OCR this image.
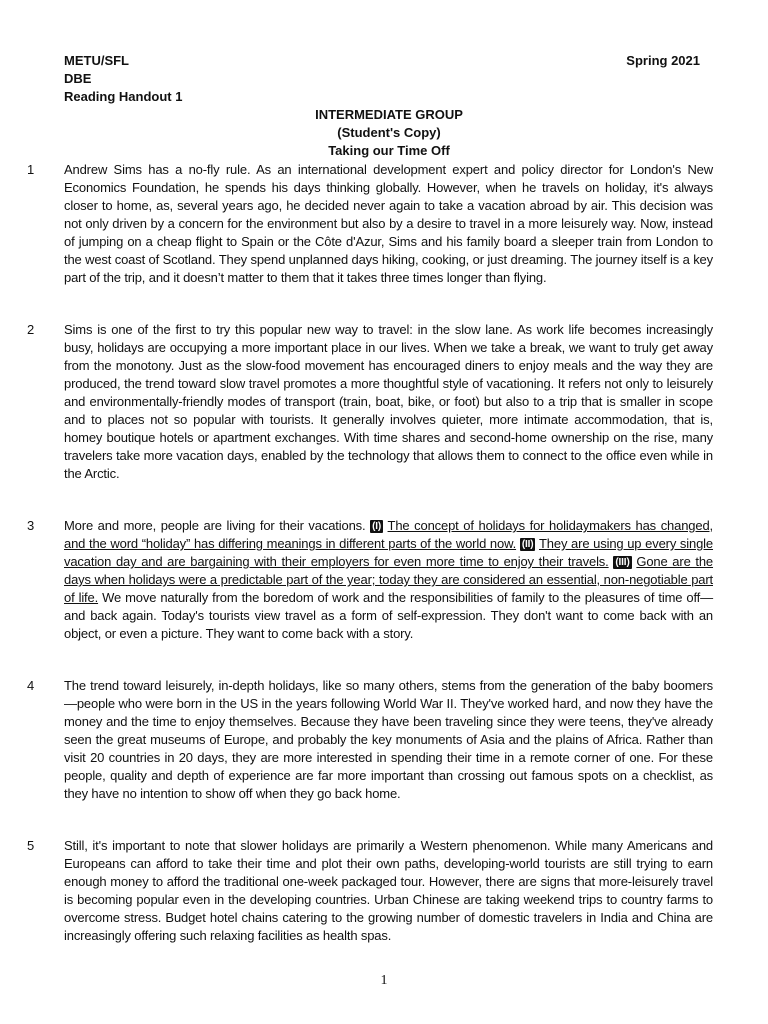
METU/SFL
DBE
Reading Handout 1
Spring 2021
INTERMEDIATE GROUP
(Student's Copy)
Taking our Time Off
1	Andrew Sims has a no-fly rule. As an international development expert and policy director for London's New Economics Foundation, he spends his days thinking globally. However, when he travels on holiday, it's always closer to home, as, several years ago, he decided never again to take a vacation abroad by air. This decision was not only driven by a concern for the environment but also by a desire to travel in a more leisurely way. Now, instead of jumping on a cheap flight to Spain or the Côte d'Azur, Sims and his family board a sleeper train from London to the west coast of Scotland. They spend unplanned days hiking, cooking, or just dreaming. The journey itself is a key part of the trip, and it doesn’t matter to them that it takes three times longer than flying.
2	Sims is one of the first to try this popular new way to travel: in the slow lane. As work life becomes increasingly busy, holidays are occupying a more important place in our lives. When we take a break, we want to truly get away from the monotony. Just as the slow-food movement has encouraged diners to enjoy meals and the way they are produced, the trend toward slow travel promotes a more thoughtful style of vacationing. It refers not only to leisurely and environmentally-friendly modes of transport (train, boat, bike, or foot) but also to a trip that is smaller in scope and to places not so popular with tourists. It generally involves quieter, more intimate accommodation, that is, homey boutique hotels or apartment exchanges. With time shares and second-home ownership on the rise, many travelers take more vacation days, enabled by the technology that allows them to connect to the office even while in the Arctic.
3	More and more, people are living for their vacations. (I) The concept of holidays for holidaymakers has changed, and the word “holiday” has differing meanings in different parts of the world now. (II) They are using up every single vacation day and are bargaining with their employers for even more time to enjoy their travels. (III) Gone are the days when holidays were a predictable part of the year; today they are considered an essential, non-negotiable part of life. We move naturally from the boredom of work and the responsibilities of family to the pleasures of time off—and back again. Today's tourists view travel as a form of self-expression. They don't want to come back with an object, or even a picture. They want to come back with a story.
4	The trend toward leisurely, in-depth holidays, like so many others, stems from the generation of the baby boomers—people who were born in the US in the years following World War II. They've worked hard, and now they have the money and the time to enjoy themselves. Because they have been traveling since they were teens, they've already seen the great museums of Europe, and probably the key monuments of Asia and the plains of Africa. Rather than visit 20 countries in 20 days, they are more interested in spending their time in a remote corner of one. For these people, quality and depth of experience are far more important than crossing out famous spots on a checklist, as they have no intention to show off when they go back home.
5	Still, it's important to note that slower holidays are primarily a Western phenomenon. While many Americans and Europeans can afford to take their time and plot their own paths, developing-world tourists are still trying to earn enough money to afford the traditional one-week packaged tour. However, there are signs that more-leisurely travel is becoming popular even in the developing countries. Urban Chinese are taking weekend trips to country farms to overcome stress. Budget hotel chains catering to the growing number of domestic travelers in India and China are increasingly offering such relaxing facilities as health spas.
1
